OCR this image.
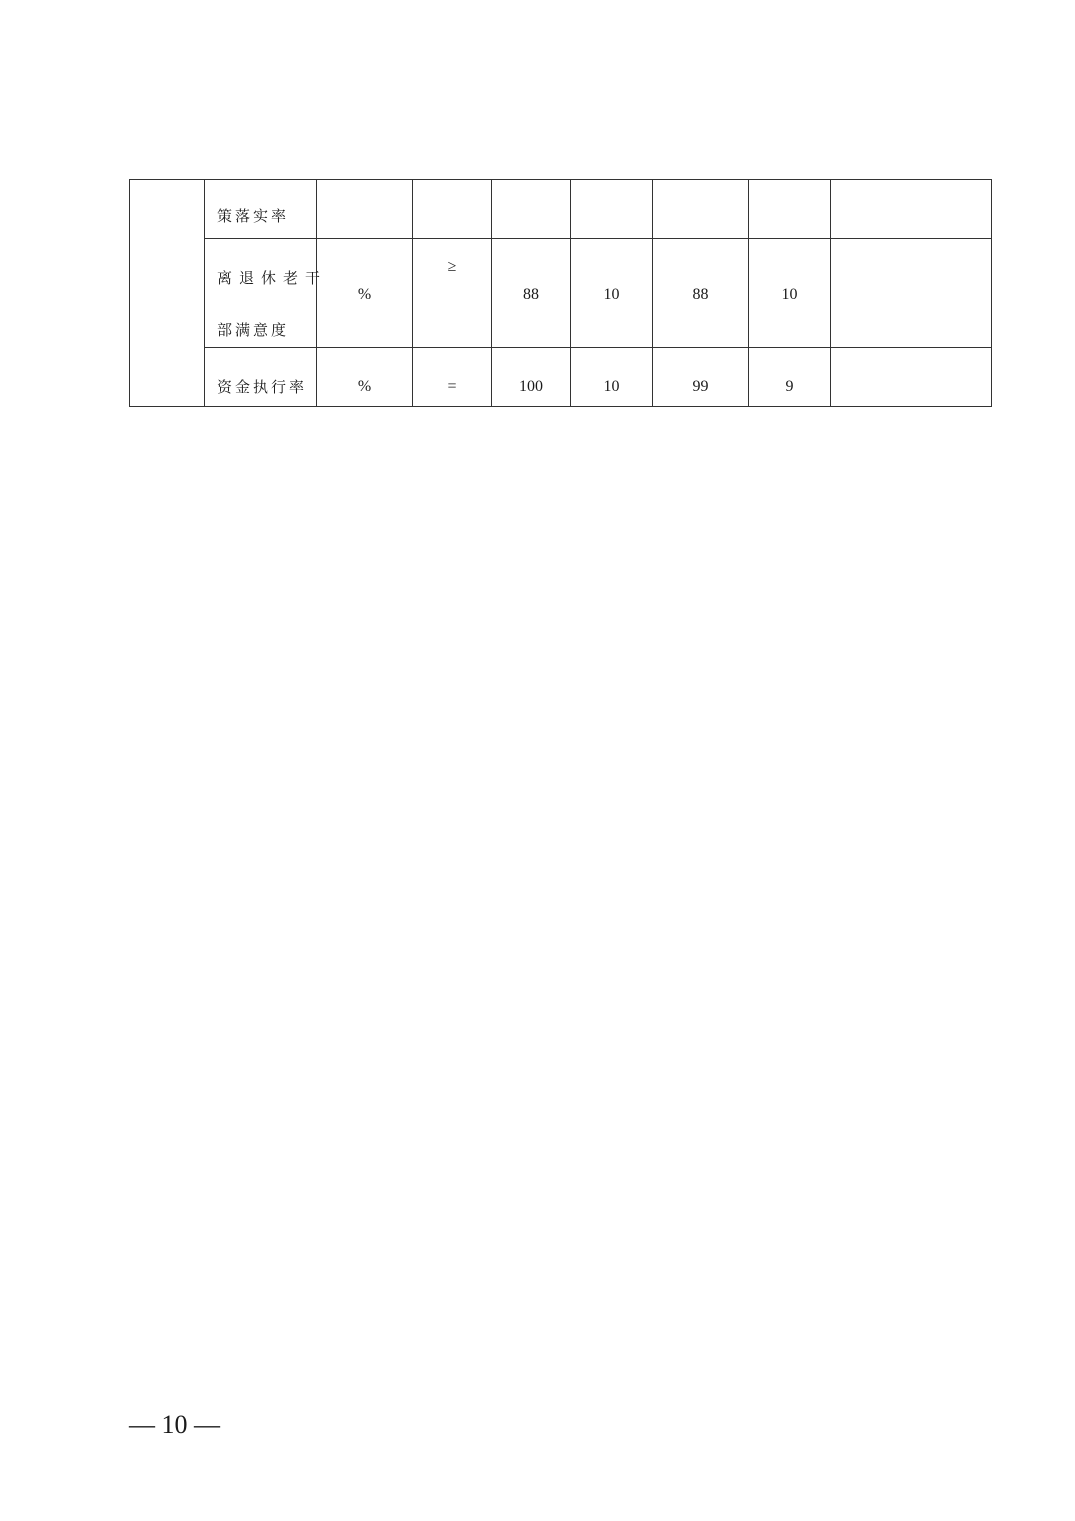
	策落实率							

	离退休老干
部满意度	%	≥	88	10	88	10	

	资金执行率	%	=	100	10	99	9	

— 10 —
